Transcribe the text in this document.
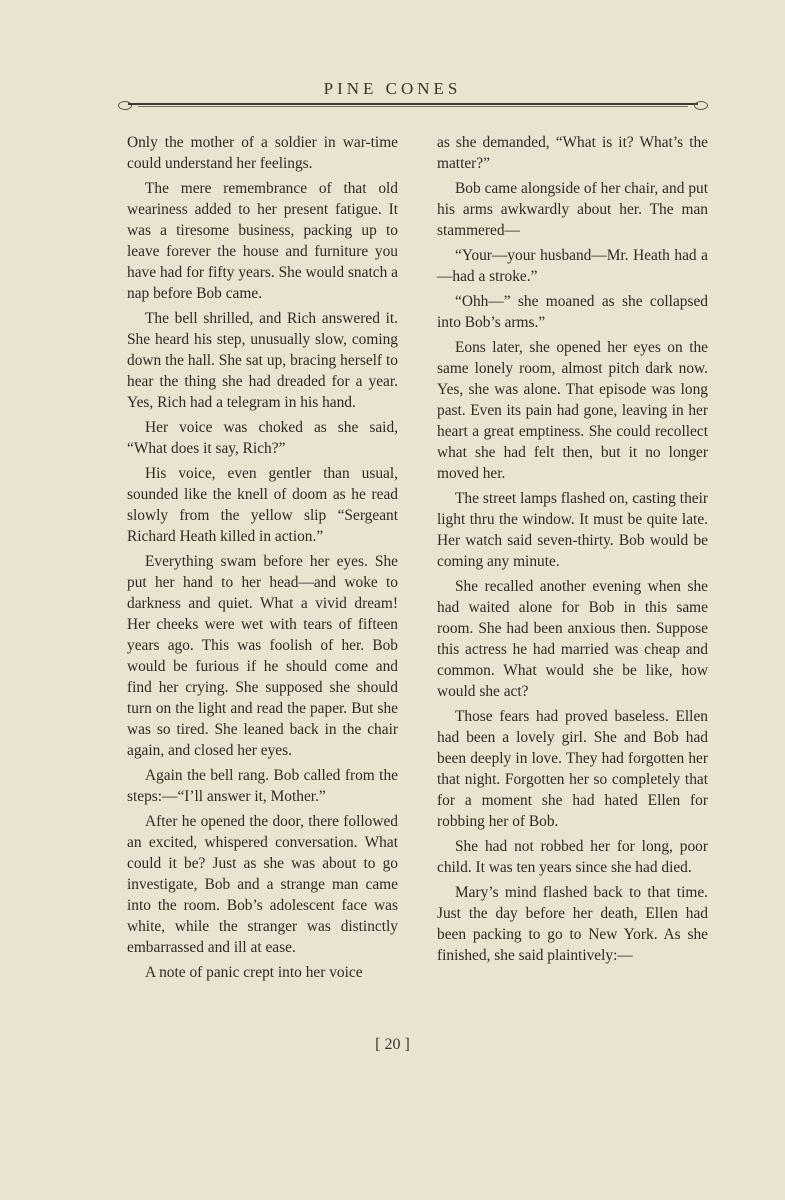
PINE CONES

Only the mother of a soldier in war-time could understand her feelings.

The mere remembrance of that old weariness added to her present fatigue. It was a tiresome business, packing up to leave forever the house and furniture you have had for fifty years. She would snatch a nap before Bob came.

The bell shrilled, and Rich answered it. She heard his step, unusually slow, coming down the hall. She sat up, bracing herself to hear the thing she had dreaded for a year. Yes, Rich had a telegram in his hand.

Her voice was choked as she said, “What does it say, Rich?”

His voice, even gentler than usual, sounded like the knell of doom as he read slowly from the yellow slip “Sergeant Richard Heath killed in action.”

Everything swam before her eyes. She put her hand to her head—and woke to darkness and quiet. What a vivid dream! Her cheeks were wet with tears of fifteen years ago. This was foolish of her. Bob would be furious if he should come and find her crying. She supposed she should turn on the light and read the paper. But she was so tired. She leaned back in the chair again, and closed her eyes.

Again the bell rang. Bob called from the steps:—“I’ll answer it, Mother.”

After he opened the door, there followed an excited, whispered conversation. What could it be? Just as she was about to go investigate, Bob and a strange man came into the room. Bob’s adolescent face was white, while the stranger was distinctly embarrassed and ill at ease.

A note of panic crept into her voice

as she demanded, “What is it? What’s the matter?”

Bob came alongside of her chair, and put his arms awkwardly about her. The man stammered—

“Your—your husband—Mr. Heath had a—had a stroke.”

“Ohh—” she moaned as she collapsed into Bob’s arms.”

Eons later, she opened her eyes on the same lonely room, almost pitch dark now. Yes, she was alone. That episode was long past. Even its pain had gone, leaving in her heart a great emptiness. She could recollect what she had felt then, but it no longer moved her.

The street lamps flashed on, casting their light thru the window. It must be quite late. Her watch said seven-thirty. Bob would be coming any minute.

She recalled another evening when she had waited alone for Bob in this same room. She had been anxious then. Suppose this actress he had married was cheap and common. What would she be like, how would she act?

Those fears had proved baseless. Ellen had been a lovely girl. She and Bob had been deeply in love. They had forgotten her that night. Forgotten her so completely that for a moment she had hated Ellen for robbing her of Bob.

She had not robbed her for long, poor child. It was ten years since she had died.

Mary’s mind flashed back to that time. Just the day before her death, Ellen had been packing to go to New York. As she finished, she said plaintively:—

[ 20 ]
